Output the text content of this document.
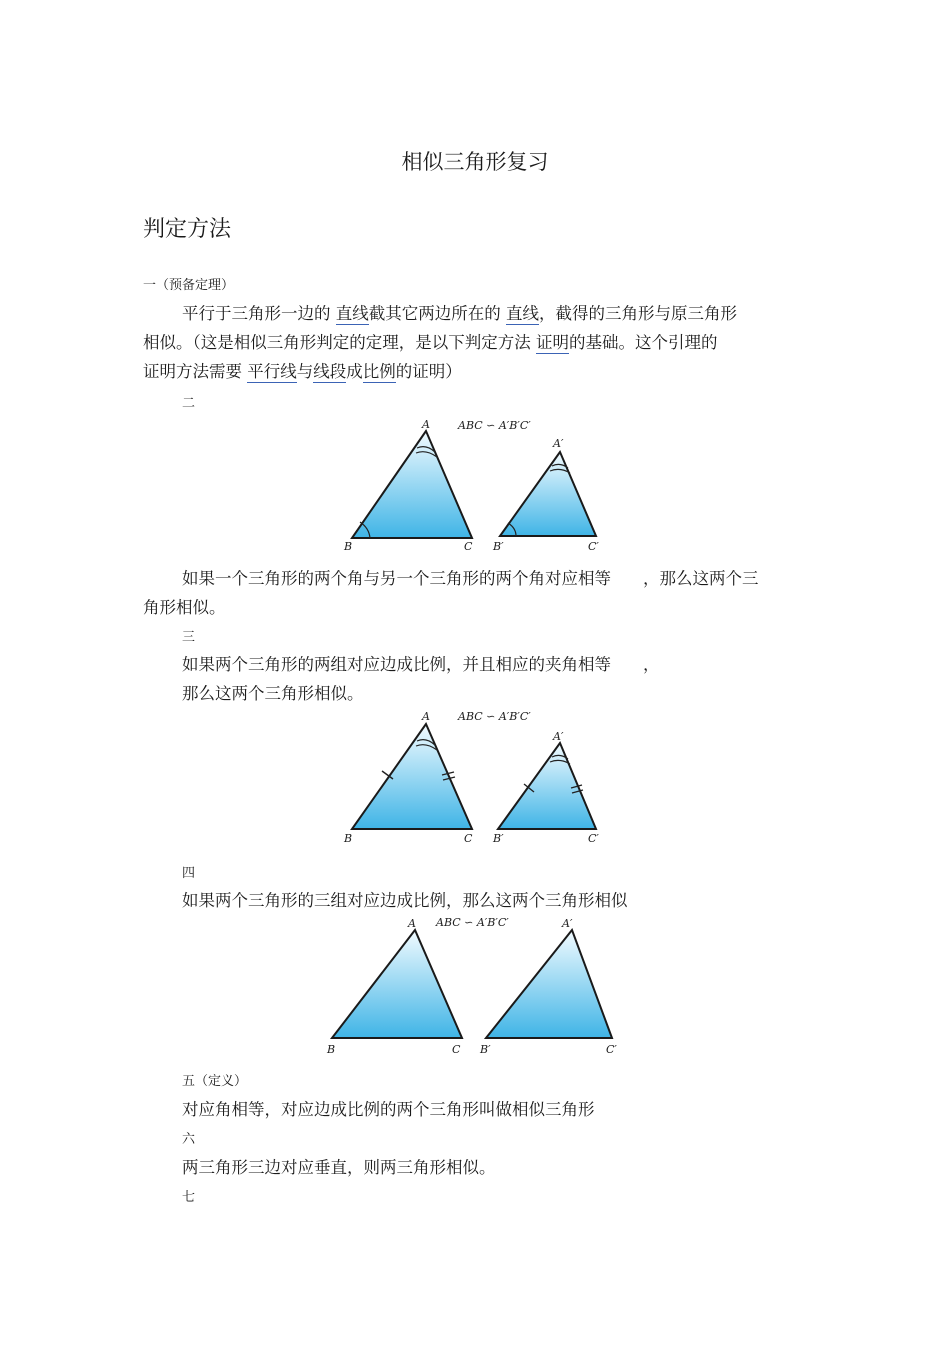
相似三角形复习
判定方法
一（预备定理）
平行于三角形一边的 直线截其它两边所在的 直线，截得的三角形与原三角形
相似。（这是相似三角形判定的定理，是以下判定方法 证明的基础。这个引理的
证明方法需要 平行线与线段成比例的证明）
二
ABC ∽ A′B′C′
A
B	C
A′
B′	C′
如果一个三角形的两个角与另一个三角形的两个角对应相等 ，那么这两个三
角形相似。
三
如果两个三角形的两组对应边成比例，并且相应的夹角相等 ，
那么这两个三角形相似。
ABC ∽ A′B′C′
A
B	C
A′
B′	C′
四
如果两个三角形的三组对应边成比例，那么这两个三角形相似
ABC ∽ A′B′C′
A
B	C
A′
B′	C′
五（定义）
对应角相等，对应边成比例的两个三角形叫做相似三角形
六
两三角形三边对应垂直，则两三角形相似。
七
